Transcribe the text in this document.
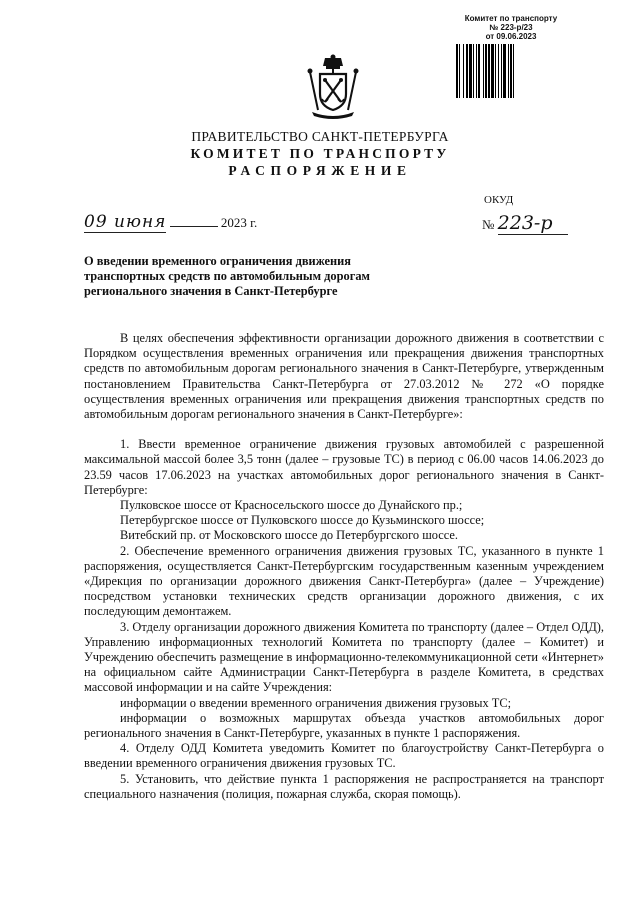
Комитет по транспорту
№ 223-р/23
от 09.06.2023
ПРАВИТЕЛЬСТВО САНКТ-ПЕТЕРБУРГА
КОМИТЕТ ПО ТРАНСПОРТУ
РАСПОРЯЖЕНИЕ
ОКУД
09 июня	2023 г.	№ 223-р
О введении временного ограничения движения транспортных средств по автомобильным дорогам регионального значения в Санкт-Петербурге

В целях обеспечения эффективности организации дорожного движения в соответствии с Порядком осуществления временных ограничения или прекращения движения транспортных средств по автомобильным дорогам регионального значения в Санкт-Петербурге, утвержденным постановлением Правительства Санкт-Петербурга от 27.03.2012 № 272 «О порядке осуществления временных ограничения или прекращения движения транспортных средств по автомобильным дорогам регионального значения в Санкт-Петербурге»:

1. Ввести временное ограничение движения грузовых автомобилей с разрешенной максимальной массой более 3,5 тонн (далее – грузовые ТС) в период с 06.00 часов 14.06.2023 до 23.59 часов 17.06.2023 на участках автомобильных дорог регионального значения в Санкт-Петербурге:

Пулковское шоссе от Красносельского шоссе до Дунайского пр.;

Петербургское шоссе от Пулковского шоссе до Кузьминского шоссе;

Витебский пр. от Московского шоссе до Петербургского шоссе.

2. Обеспечение временного ограничения движения грузовых ТС, указанного в пункте 1 распоряжения, осуществляется Санкт-Петербургским государственным казенным учреждением «Дирекция по организации дорожного движения Санкт-Петербурга» (далее – Учреждение) посредством установки технических средств организации дорожного движения, с их последующим демонтажем.

3. Отделу организации дорожного движения Комитета по транспорту (далее – Отдел ОДД), Управлению информационных технологий Комитета по транспорту (далее – Комитет) и Учреждению обеспечить размещение в информационно-телекоммуникационной сети «Интернет» на официальном сайте Администрации Санкт-Петербурга в разделе Комитета, в средствах массовой информации и на сайте Учреждения:

информации о введении временного ограничения движения грузовых ТС;

информации о возможных маршрутах объезда участков автомобильных дорог регионального значения в Санкт-Петербурге, указанных в пункте 1 распоряжения.

4. Отделу ОДД Комитета уведомить Комитет по благоустройству Санкт-Петербурга о введении временного ограничения движения грузовых ТС.

5. Установить, что действие пункта 1 распоряжения не распространяется на транспорт специального назначения (полиция, пожарная служба, скорая помощь).
